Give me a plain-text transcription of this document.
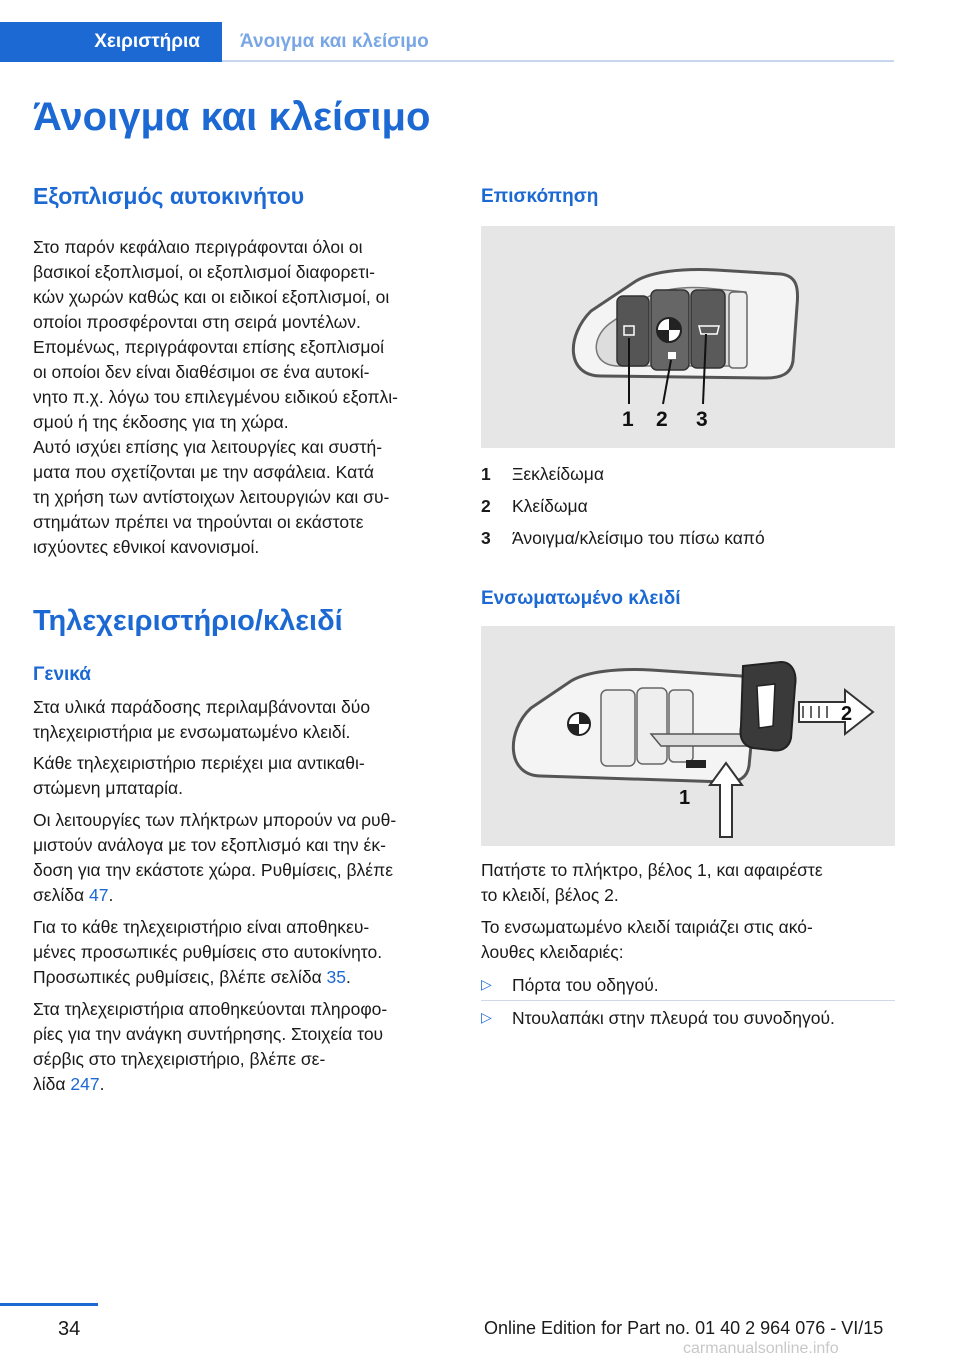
Χειριστήρια Άνοιγμα και κλείσιμο
Άνοιγμα και κλείσιμο
Εξοπλισμός αυτοκινήτου
Στο παρόν κεφάλαιο περιγράφονται όλοι οι
βασικοί εξοπλισμοί, οι εξοπλισμοί διαφορετι‐
κών χωρών καθώς και οι ειδικοί εξοπλισμοί, οι
οποίοι προσφέρονται στη σειρά μοντέλων.
Επομένως, περιγράφονται επίσης εξοπλισμοί
οι οποίοι δεν είναι διαθέσιμοι σε ένα αυτοκί‐
νητο π.χ. λόγω του επιλεγμένου ειδικού εξοπλι‐
σμού ή της έκδοσης για τη χώρα.
Αυτό ισχύει επίσης για λειτουργίες και συστή‐
ματα που σχετίζονται με την ασφάλεια. Κατά
τη χρήση των αντίστοιχων λειτουργιών και συ‐
στημάτων πρέπει να τηρούνται οι εκάστοτε
ισχύοντες εθνικοί κανονισμοί.
Τηλεχειριστήριο/κλειδί
Γενικά
Στα υλικά παράδοσης περιλαμβάνονται δύο
τηλεχειριστήρια με ενσωματωμένο κλειδί.
Κάθε τηλεχειριστήριο περιέχει μια αντικαθι‐
στώμενη μπαταρία.
Οι λειτουργίες των πλήκτρων μπορούν να ρυθ‐
μιστούν ανάλογα με τον εξοπλισμό και την έκ‐
δοση για την εκάστοτε χώρα. Ρυθμίσεις, βλέπε
σελίδα 47.
Για το κάθε τηλεχειριστήριο είναι αποθηκευ‐
μένες προσωπικές ρυθμίσεις στο αυτοκίνητο.
Προσωπικές ρυθμίσεις, βλέπε σελίδα 35.
Στα τηλεχειριστήρια αποθηκεύονται πληροφο‐
ρίες για την ανάγκη συντήρησης. Στοιχεία του
σέρβις στο τηλεχειριστήριο, βλέπε σε‐
λίδα 247.
Επισκόπηση
1 2 3
1 Ξεκλείδωμα
2 Κλείδωμα
3 Άνοιγμα/κλείσιμο του πίσω καπό
Ενσωματωμένο κλειδί
2
1
Πατήστε το πλήκτρο, βέλος 1, και αφαιρέστε
το κλειδί, βέλος 2.
Το ενσωματωμένο κλειδί ταιριάζει στις ακό‐
λουθες κλειδαριές:
▷ Πόρτα του οδηγού.
▷ Ντουλαπάκι στην πλευρά του συνοδηγού.
34	Online Edition for Part no. 01 40 2 964 076 - VI/15
carmanualsonline.info
